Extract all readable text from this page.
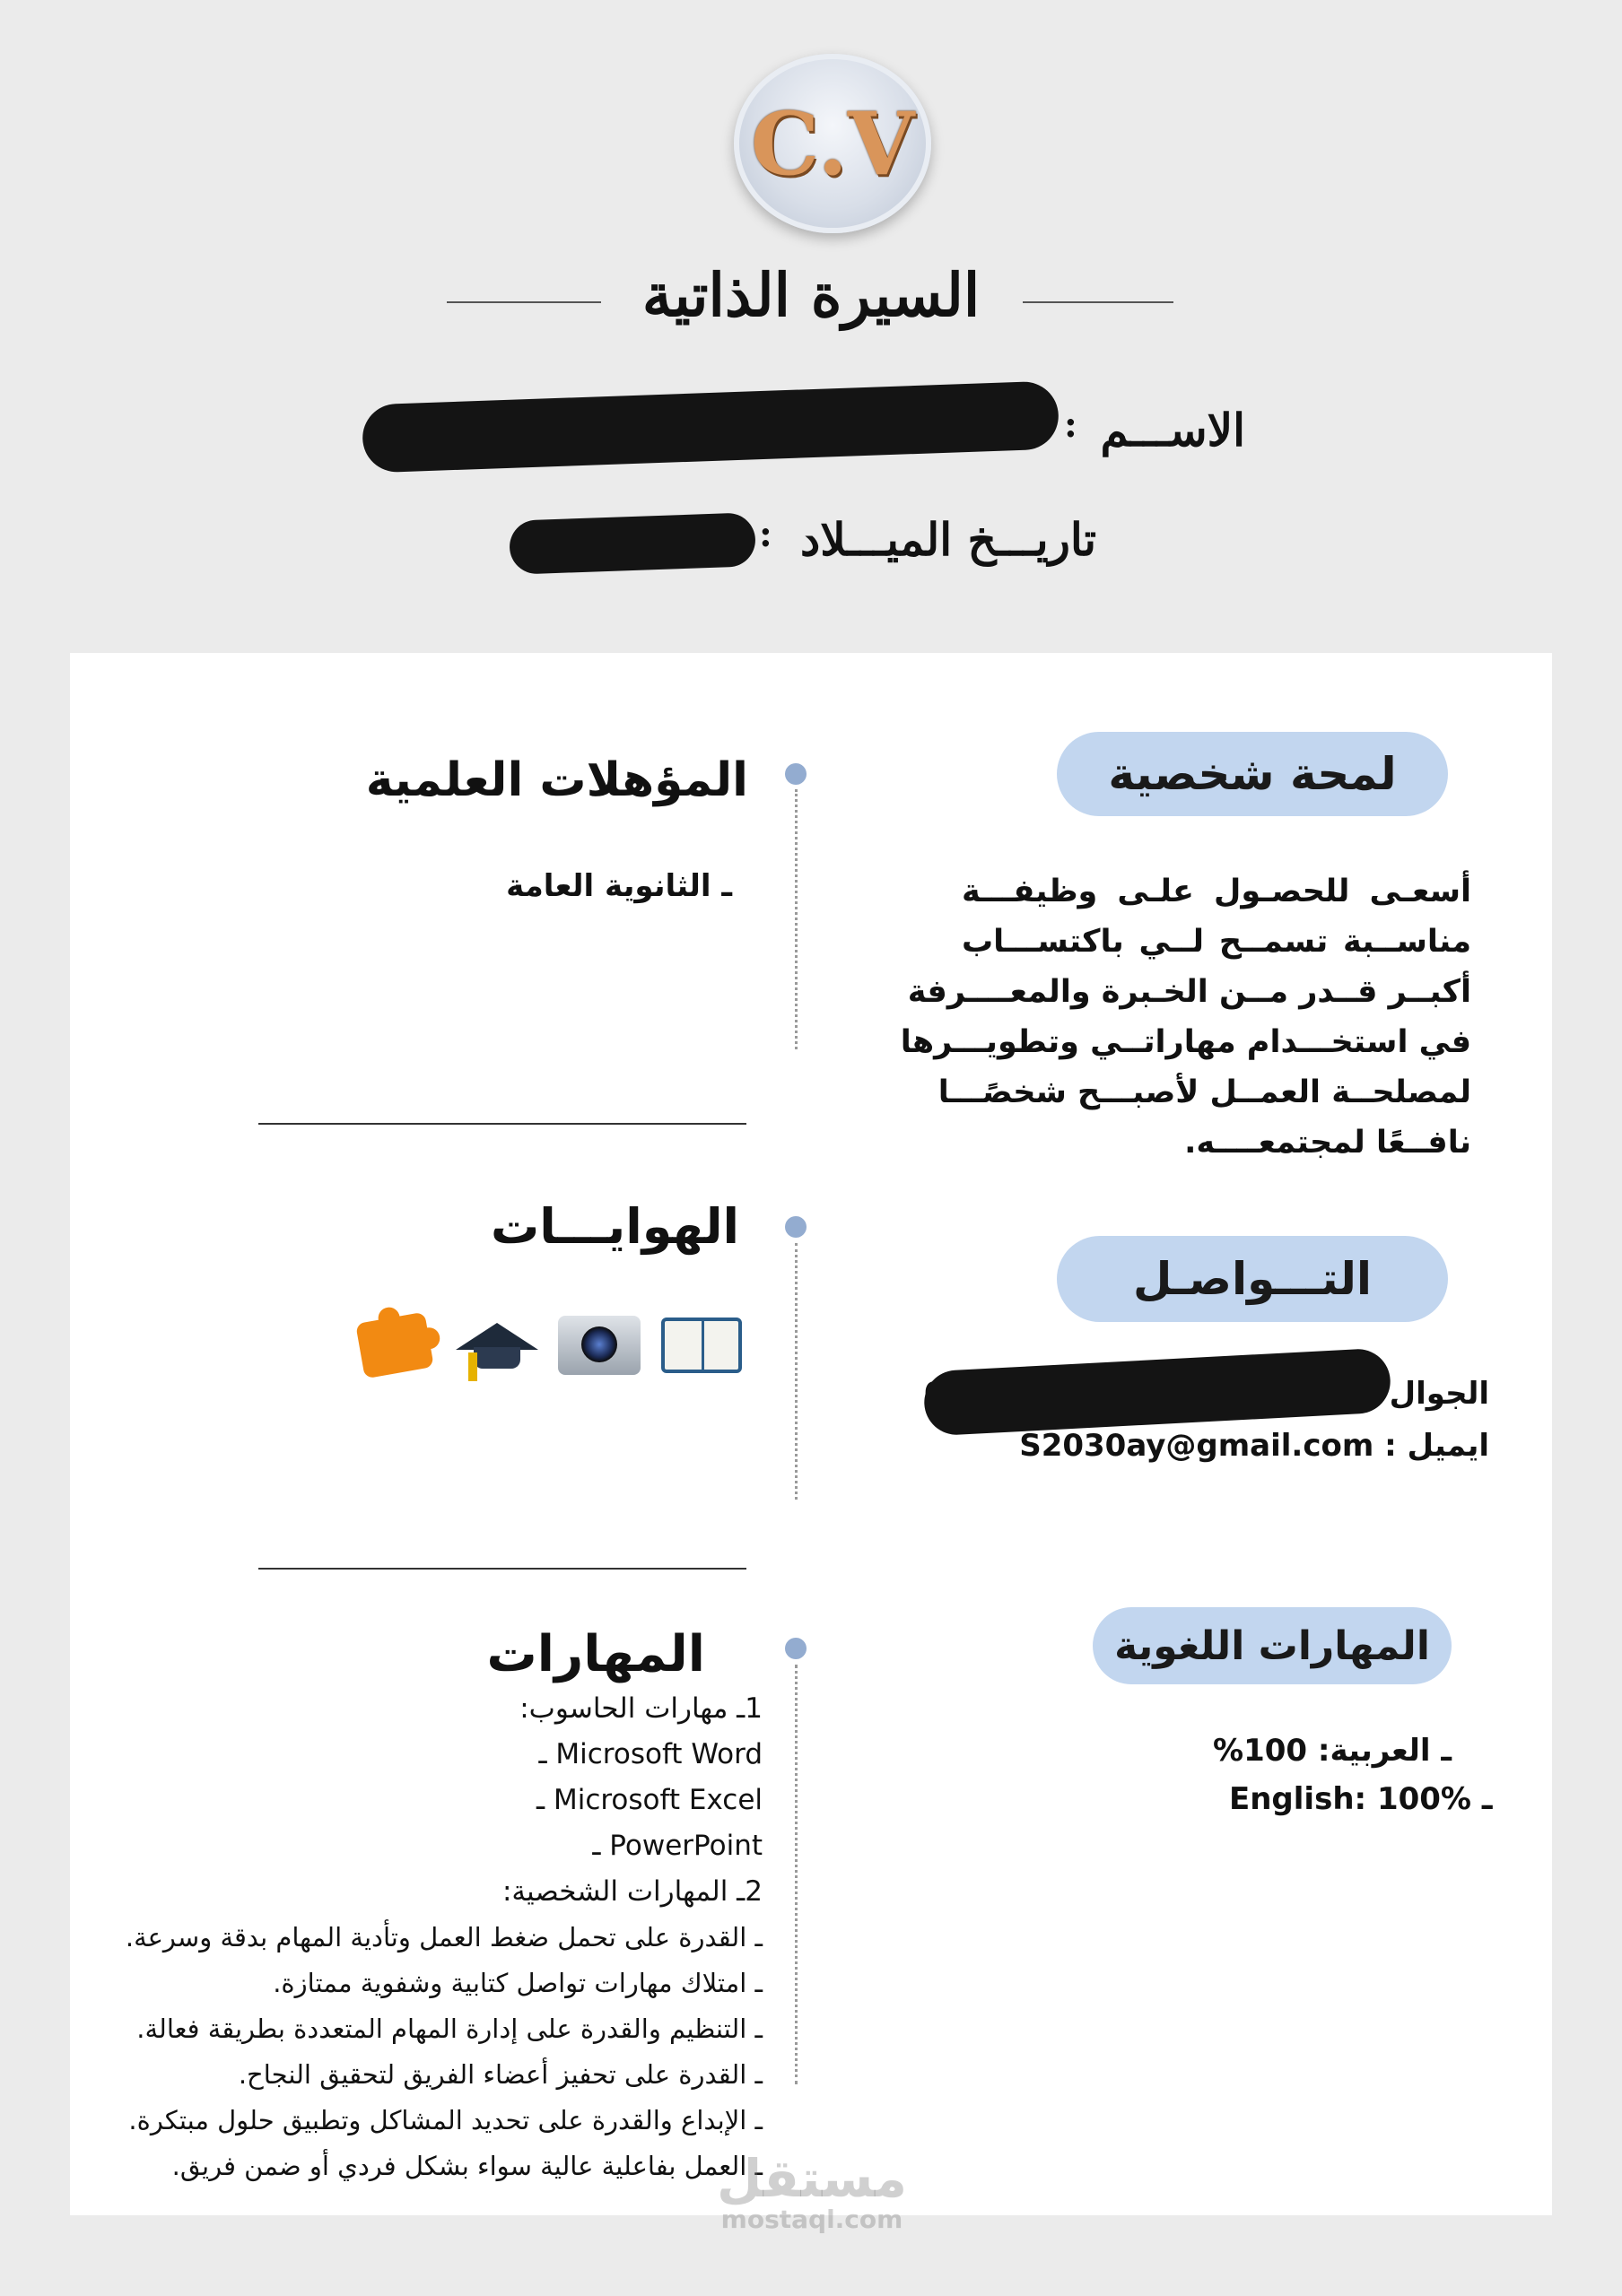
C.V
السيرة الذاتية
الاســـم
:
تاريـــخ الميـــلاد
:
لمحة شخصية
أسعـى للحصـول علـى وظيفـــة
مناســبة تسمــح لــي باكتســـاب
أكبــر قــدر مــن الخـبرة والمعــــرفة
في استخـــدام مهاراتــي وتطويـــرها
لمصلحــة العمــل لأصبـــح شخصًـــا
نافــعًا لمجتمعــــه.
التـــواصـل
الجوال
ايميل : S2030ay@gmail.com
المهارات اللغوية
ـ العربية: 100%
English: 100% ـ
المؤهلات العلمية
ـ الثانوية العامة
الهوايـــات
المهارات
1ـ مهارات الحاسوب:
Microsoft Word ـ
Microsoft Excel ـ
PowerPoint ـ
2ـ المهارات الشخصية:
ـ القدرة على تحمل ضغط العمل وتأدية المهام بدقة وسرعة.
ـ امتلاك مهارات تواصل كتابية وشفوية ممتازة.
ـ التنظيم والقدرة على إدارة المهام المتعددة بطريقة فعالة.
ـ القدرة على تحفيز أعضاء الفريق لتحقيق النجاح.
ـ الإبداع والقدرة على تحديد المشاكل وتطبيق حلول مبتكرة.
ـ العمل بفاعلية عالية سواء بشكل فردي أو ضمن فريق.
مستقل
mostaql.com
